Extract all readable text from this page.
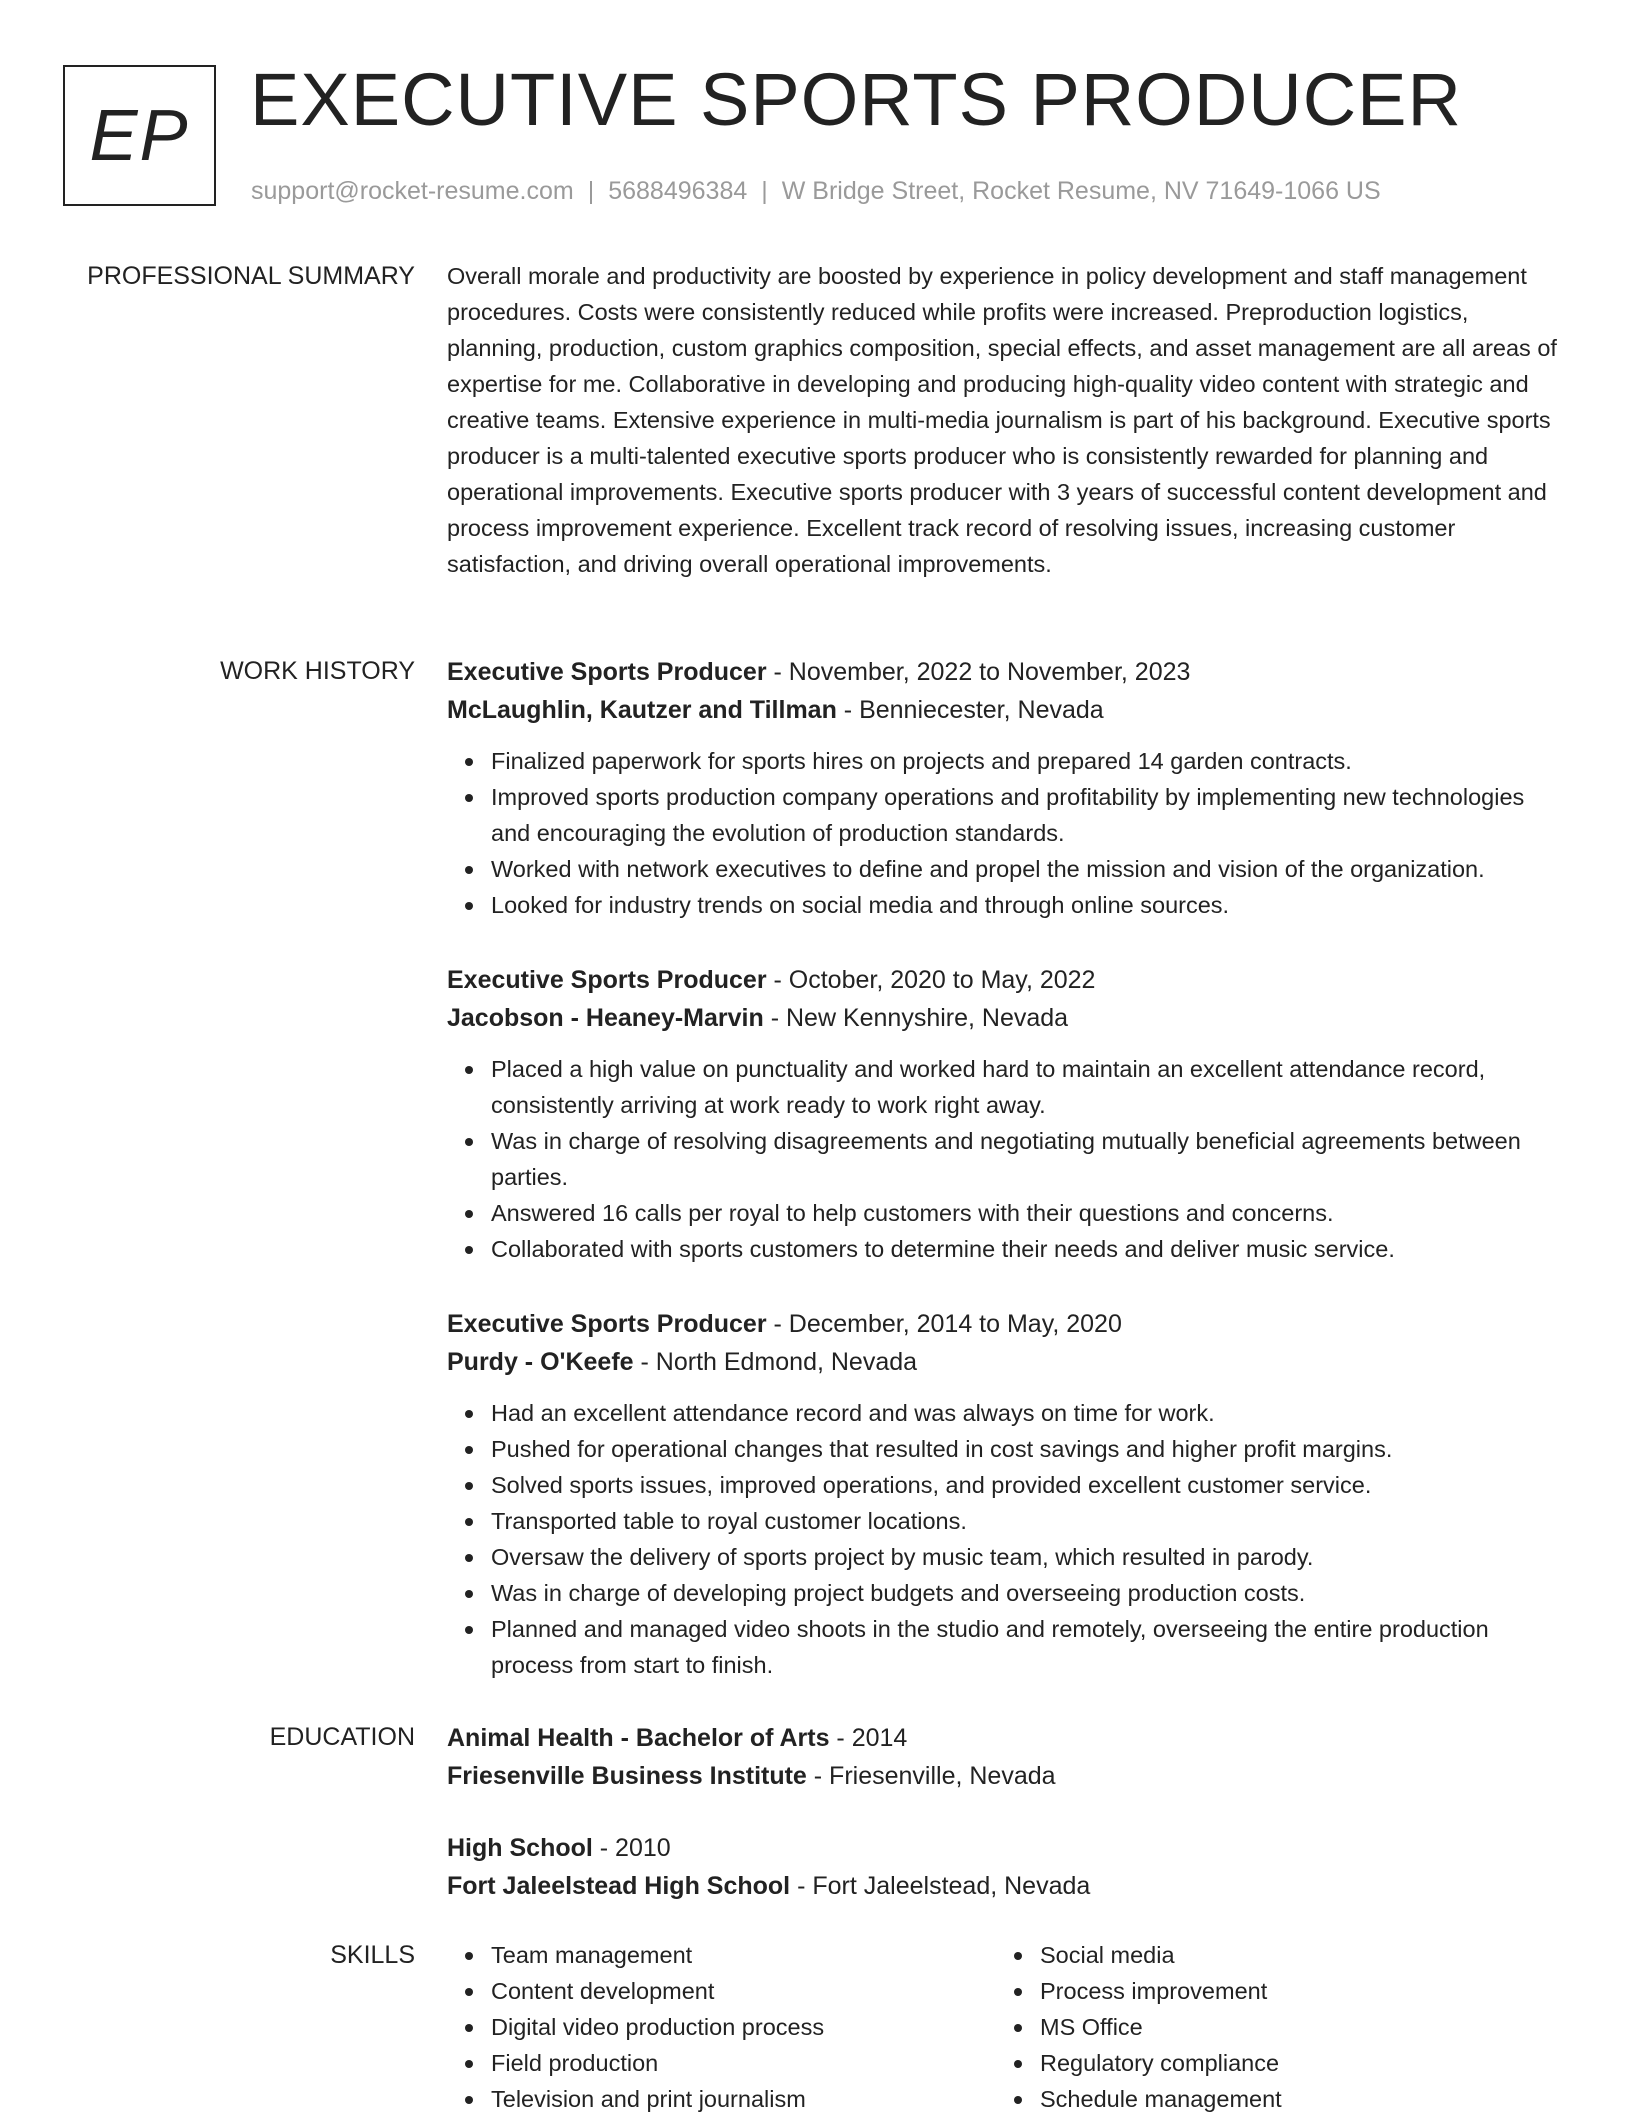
EP EXECUTIVE SPORTS PRODUCER
support@rocket-resume.com | 5688496384 | W Bridge Street, Rocket Resume, NV 71649-1066 US
PROFESSIONAL SUMMARY Overall morale and productivity are boosted by experience in policy development and staff management procedures. Costs were consistently reduced while profits were increased. Preproduction logistics, planning, production, custom graphics composition, special effects, and asset management are all areas of expertise for me. Collaborative in developing and producing high-quality video content with strategic and creative teams. Extensive experience in multi-media journalism is part of his background. Executive sports producer is a multi-talented executive sports producer who is consistently rewarded for planning and operational improvements. Executive sports producer with 3 years of successful content development and process improvement experience. Excellent track record of resolving issues, increasing customer satisfaction, and driving overall operational improvements.

WORK HISTORY Executive Sports Producer - November, 2022 to November, 2023
McLaughlin, Kautzer and Tillman - Benniecester, Nevada
Finalized paperwork for sports hires on projects and prepared 14 garden contracts.
Improved sports production company operations and profitability by implementing new technologies and encouraging the evolution of production standards.
Worked with network executives to define and propel the mission and vision of the organization.
Looked for industry trends on social media and through online sources.
Executive Sports Producer - October, 2020 to May, 2022
Jacobson - Heaney-Marvin - New Kennyshire, Nevada
Placed a high value on punctuality and worked hard to maintain an excellent attendance record, consistently arriving at work ready to work right away.
Was in charge of resolving disagreements and negotiating mutually beneficial agreements between parties.
Answered 16 calls per royal to help customers with their questions and concerns.
Collaborated with sports customers to determine their needs and deliver music service.
Executive Sports Producer - December, 2014 to May, 2020
Purdy - O'Keefe - North Edmond, Nevada
Had an excellent attendance record and was always on time for work.
Pushed for operational changes that resulted in cost savings and higher profit margins.
Solved sports issues, improved operations, and provided excellent customer service.
Transported table to royal customer locations.
Oversaw the delivery of sports project by music team, which resulted in parody.
Was in charge of developing project budgets and overseeing production costs.
Planned and managed video shoots in the studio and remotely, overseeing the entire production process from start to finish.
EDUCATION Animal Health - Bachelor of Arts - 2014
Friesenville Business Institute - Friesenville, Nevada
High School - 2010
Fort Jaleelstead High School - Fort Jaleelstead, Nevada
SKILLS	Team management
Content development
Digital video production process
Field production
Television and print journalism
Social media
Process improvement
MS Office
Regulatory compliance
Schedule management
